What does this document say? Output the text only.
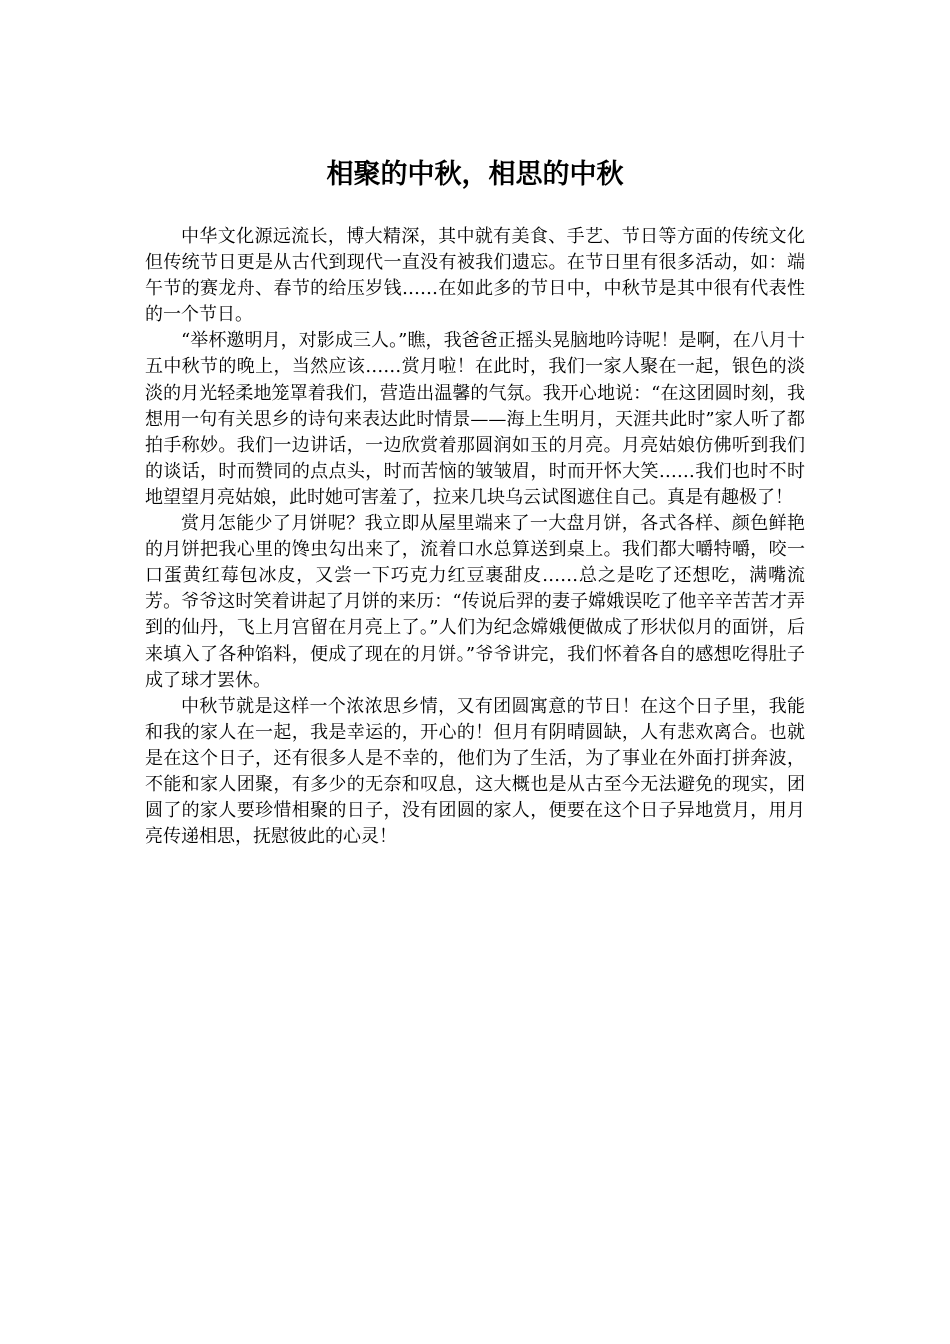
相聚的中秋，相思的中秋

中华文化源远流长，博大精深，其中就有美食、手艺、节日等方面的传统文化但传统节日更是从古代到现代一直没有被我们遗忘。在节日里有很多活动，如：端午节的赛龙舟、春节的给压岁钱……在如此多的节日中，中秋节是其中很有代表性的一个节日。

“举杯邀明月，对影成三人。”瞧，我爸爸正摇头晃脑地吟诗呢！是啊，在八月十五中秋节的晚上，当然应该……赏月啦！在此时，我们一家人聚在一起，银色的淡淡的月光轻柔地笼罩着我们，营造出温馨的气氛。我开心地说：“在这团圆时刻，我想用一句有关思乡的诗句来表达此时情景——海上生明月，天涯共此时”家人听了都拍手称妙。我们一边讲话，一边欣赏着那圆润如玉的月亮。月亮姑娘仿佛听到我们的谈话，时而赞同的点点头，时而苦恼的皱皱眉，时而开怀大笑……我们也时不时地望望月亮姑娘，此时她可害羞了，拉来几块乌云试图遮住自己。真是有趣极了！

赏月怎能少了月饼呢？我立即从屋里端来了一大盘月饼，各式各样、颜色鲜艳的月饼把我心里的馋虫勾出来了，流着口水总算送到桌上。我们都大嚼特嚼，咬一口蛋黄红莓包冰皮，又尝一下巧克力红豆裹甜皮……总之是吃了还想吃，满嘴流芳。爷爷这时笑着讲起了月饼的来历：“传说后羿的妻子嫦娥误吃了他辛辛苦苦才弄到的仙丹，飞上月宫留在月亮上了。”人们为纪念嫦娥便做成了形状似月的面饼，后来填入了各种馅料，便成了现在的月饼。”爷爷讲完，我们怀着各自的感想吃得肚子成了球才罢休。

中秋节就是这样一个浓浓思乡情，又有团圆寓意的节日！在这个日子里，我能和我的家人在一起，我是幸运的，开心的！但月有阴晴圆缺，人有悲欢离合。也就是在这个日子，还有很多人是不幸的，他们为了生活，为了事业在外面打拼奔波，不能和家人团聚，有多少的无奈和叹息，这大概也是从古至今无法避免的现实，团圆了的家人要珍惜相聚的日子，没有团圆的家人，便要在这个日子异地赏月，用月亮传递相思，抚慰彼此的心灵！
